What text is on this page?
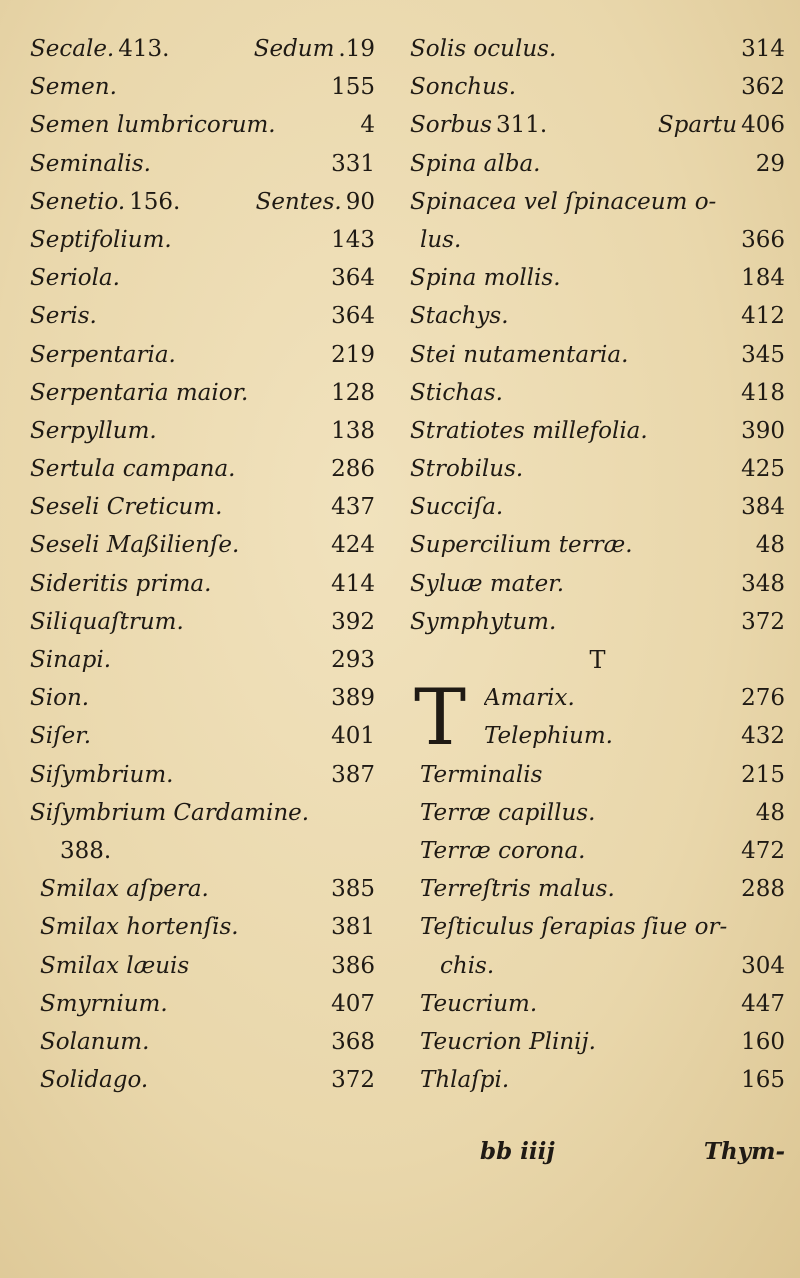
Secale. 413.	Sedum .19
Semen.	155
Semen lumbricorum.	4
Seminalis.	331
Senetio. 156.	Sentes. 90
Septifolium.	143
Seriola.	364
Seris.	364
Serpentaria.	219
Serpentaria maior.	128
Serpyllum.	138
Sertula campana.	286
Seseli Creticum.	437
Seseli Maßilienſe.	424
Sideritis prima.	414
Siliquaſtrum.	392
Sinapi.	293
Sion.	389
Siſer.	401
Siſymbrium.	387
Siſymbrium Cardamine.
388.
Smilax aſpera.	385
Smilax hortenſis.	381
Smilax læuis	386
Smyrnium.	407
Solanum.	368
Solidago.	372
Solis oculus.	314
Sonchus.	362
Sorbus 311.	Spartu 406
Spina alba.	29
Spinacea vel ſpinaceum o-
lus.	366
Spina mollis.	184
Stachys.	412
Stei nutamentaria.	345
Stichas.	418
Stratiotes millefolia.	390
Strobilus.	425
Succiſa.	384
Supercilium terræ.	48
Syluæ mater.	348
Symphytum.	372
T
T Amarix.	276
Telephium.	432
Terminalis	215
Terræ capillus.	48
Terræ corona.	472
Terreſtris malus.	288
Teſticulus ſerapias ſiue or-
chis.	304
Teucrium.	447
Teucrion Plinij.	160
Thlaſpi.	165
bb iiij	Thym-
